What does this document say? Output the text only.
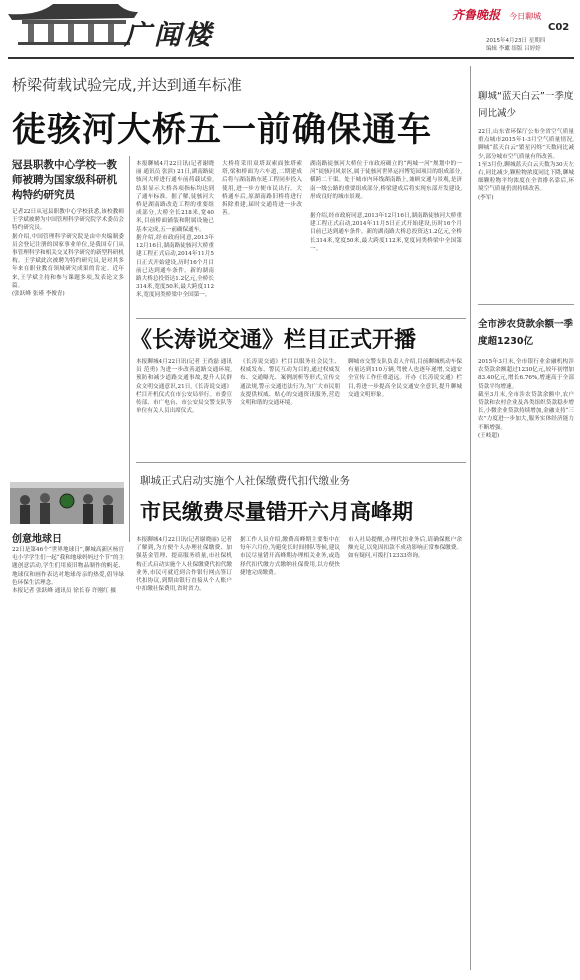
广闻楼
齐鲁晚报 今日聊城
C02
2015年4月23日 星期四
编辑 李瓛 组版 吕婷婷
桥梁荷载试验完成,并达到通车标准
徒骇河大桥五一前确保通车
冠县职教中心学校一教师被聘为国家级科研机构特约研究员
记者22日从冠县职教中心学校获悉,该校教师王学斌被聘为中国管理科学研究院学术委员会特约研究员。
据介绍,中国管理科学研究院是由中央编制委员会登记注册的国家事业单位,是我国专门从事管理科学和相关交叉科学研究的新型科研机构。王学斌此次被聘为特约研究员,是对其多年来在职业教育领域研究成果的肯定。近年来,王学斌主持和参与课题多项,发表论文多篇。
(张跃峰 张瑾 李俊青)
本报聊城4月22日讯(记者谢晓丽 通讯员 张滨) 21日,湖南路徒骇河大桥进行通车前荷载试验,结果显示大桥各项指标均达到了通车标准。据了解,徒骇河大桥是湖南路改造工程的重要组成部分,大桥全长218米,宽40米,目前桥面铺装和附属设施已基本完成,五一前确保通车。
据介绍,经市政府同意,2013年12月16日,湖南路徒骇河大桥重建工程正式启动,2014年11月5日正式开始建设,历时16个月目前已达到通车条件。新的湖南路大桥总投资达1.2亿元,全桥长314米,宽度50米,最大跨度112米,宽度同类桥梁中全国第一。
大桥将采用双塔双索面独塔索塔,梁和桥面为六车道,二期建成后将与湖南路东延工程同步投入使用,进一步方便市民出行。大桥通车后,原湖南路旧桥将进行拆除重建,届时交通将进一步改善。
湖南路徒骇河大桥位于市政府确立的“两城一河”规划中的一河“徒骇河风景区,属于徒骇河世界运河博览园项目的组成部分,横跨二干渠。处于城市内环线湖南路上,兼顾交通与景观,是济南一级公路的重要组成部分,桥梁建成后将实现东部开发建设,形成良好的城市景观。
据介绍,经市政府同意,2013年12月16日,湖南路徒骇河大桥重建工程正式启动,2014年11月5日正式开始建设,历时16个月目前已达到通车条件。新的湖南路大桥总投资达1.2亿元,全桥长314米,宽度50米,最大跨度112米,宽度同类桥梁中全国第一。
《长涛说交通》栏目正式开播
本报聊城4月22日讯(记者 王尚磊 通讯员 范勇) 为进一步改善道路交通环境,预防和减少道路交通事故,提升人民群众文明交通意识,21日,《长涛说交通》栏目开机仪式在市公安局举行。市委宣传部、市广电台、市公安局交警支队等单位有关人员出席仪式。
《长涛说交通》栏目以服务社会民生、权威发布、警民互动为目的,通过权威发布、交通曝光、案例剖析等形式,宣传交通法规,警示交通违法行为,为广大市民朋友提供权威、贴心的交通资讯服务,营造文明和谐的交通环境。
聊城市交警支队负责人介绍,目前聊城机动车保有量达到110万辆,驾驶人也逐年递增,交通安全宣传工作任重道远。开办《长涛说交通》栏目,将进一步提高全民交通安全意识,提升聊城交通文明形象。
创意地球日
22日是第46个“世界地球日”,聊城高新区杨官屯小学学生们一起“我和地球妈妈过个节”的主题创意活动,学生们用废旧物品制作的帆花、地球仪和画作表达对地球母亲的热爱,倡导绿色环保生活理念。
本报记者 张跃峰 通讯员 徐长春 许刚红 摄
聊城正式启动实施个人社保缴费代扣代缴业务
市民缴费尽量错开六月高峰期
本报聊城4月22日讯(记者谢晓丽) 记者了解到,为方便个人办理社保缴费、加强基金管理、提高服务质量,市社保机构正式启动实施个人社保缴费代扣代缴业务,市民可就近到合作银行网点签订代扣协议,到期由银行直接从个人账户中扣缴社保费用,省时省力。
据工作人员介绍,缴费高峰期主要集中在每年六月份,为避免长时间排队等候,建议市民尽量错开高峰期办理相关业务,或选择代扣代缴方式缴纳社保费用,以方便快捷地完成缴费。
市人社局提醒,办理代扣业务后,请确保账户余额充足,以免因扣款不成功影响正常参保缴费。如有疑问,可拨打12333咨询。
聊城“蓝天白云”一季度同比减少
22日,山东省环保厅公布全省空气质量重点城市2015年1-3月空气质量情况,聊城“蓝天白云”繁星闪烁”天数同比减少,部分城市空气质量有所改善。
1至3月份,聊城蓝天白云天数为30天左右,同比减少,颗粒物浓度同比下降,聊城细颗粒物平均浓度在全省排名靠后,环境空气质量仍需持续改善。
(李军)
全市涉农贷款余额一季度超1230亿
2015年3月末,全市银行业金融机构涉农贷款余额超过1230亿元,较年初增加83.40亿元,增长6.76%,增速高于全部贷款平均增速。
截至3月末,全市涉农贷款余额中,农户贷款和农村企业及各类组织贷款稳步增长,小微企业贷款持续增加,金融支持“三农”力度进一步加大,服务实体经济能力不断增强。
(王岐超)
